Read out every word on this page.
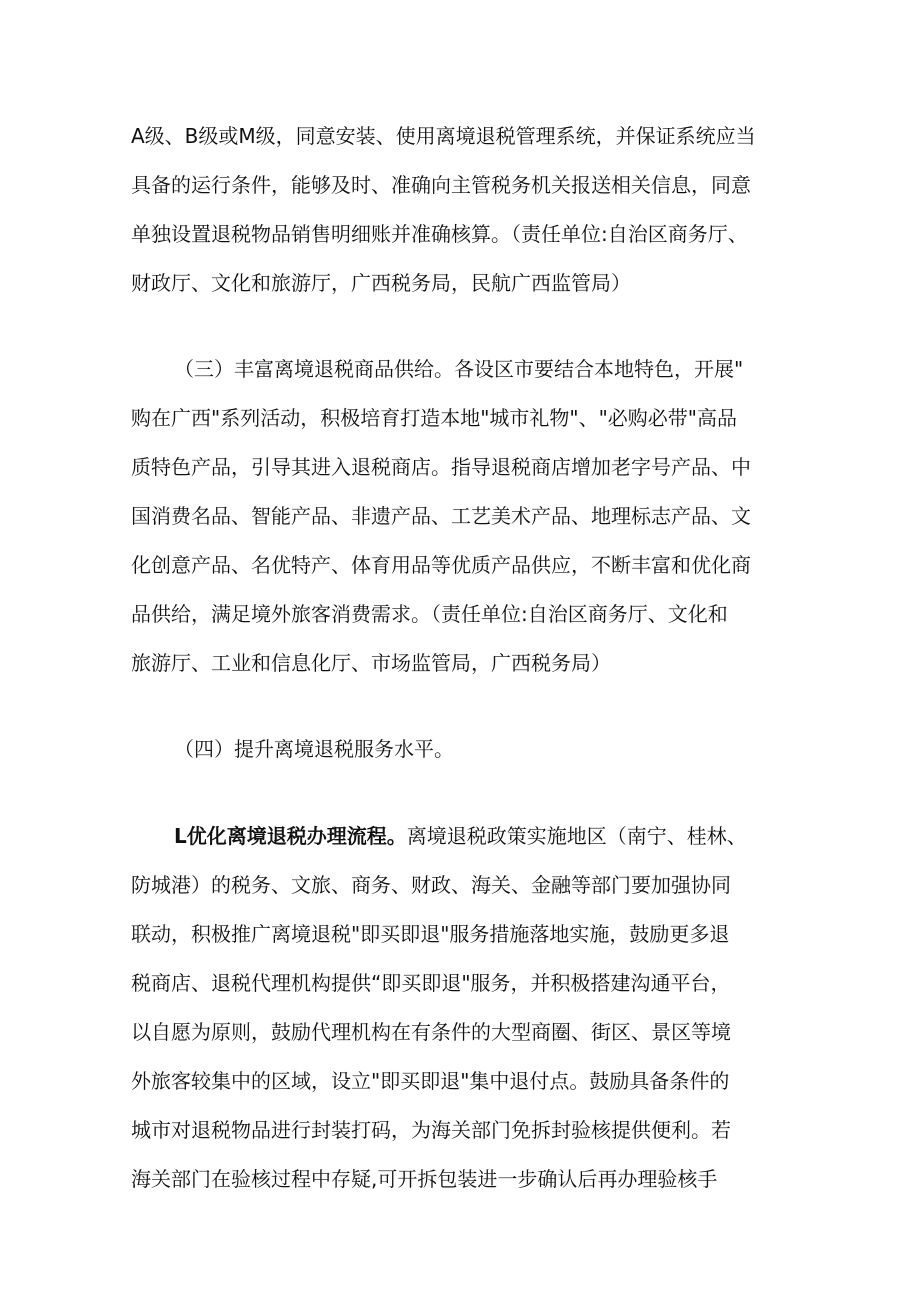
A级、B级或M级，同意安装、使用离境退税管理系统，并保证系统应当
具备的运行条件，能够及时、准确向主管税务机关报送相关信息，同意
单独设置退税物品销售明细账并准确核算。（责任单位:自治区商务厅、
财政厅、文化和旅游厅，广西税务局，民航广西监管局）
（三）丰富离境退税商品供给。各设区市要结合本地特色，开展"
购在广西"系列活动，积极培育打造本地"城市礼物"、"必购必带"高品
质特色产品，引导其进入退税商店。指导退税商店增加老字号产品、中
国消费名品、智能产品、非遗产品、工艺美术产品、地理标志产品、文
化创意产品、名优特产、体育用品等优质产品供应，不断丰富和优化商
品供给，满足境外旅客消费需求。（责任单位:自治区商务厅、文化和
旅游厅、工业和信息化厅、市场监管局，广西税务局）
（四）提升离境退税服务水平。
L优化离境退税办理流程。离境退税政策实施地区（南宁、桂林、
防城港）的税务、文旅、商务、财政、海关、金融等部门要加强协同
联动，积极推广离境退税"即买即退"服务措施落地实施，鼓励更多退
税商店、退税代理机构提供“即买即退"服务，并积极搭建沟通平台，
以自愿为原则，鼓励代理机构在有条件的大型商圈、街区、景区等境
外旅客较集中的区域，设立"即买即退"集中退付点。鼓励具备条件的
城市对退税物品进行封装打码，为海关部门免拆封验核提供便利。若
海关部门在验核过程中存疑,可开拆包装进一步确认后再办理验核手
